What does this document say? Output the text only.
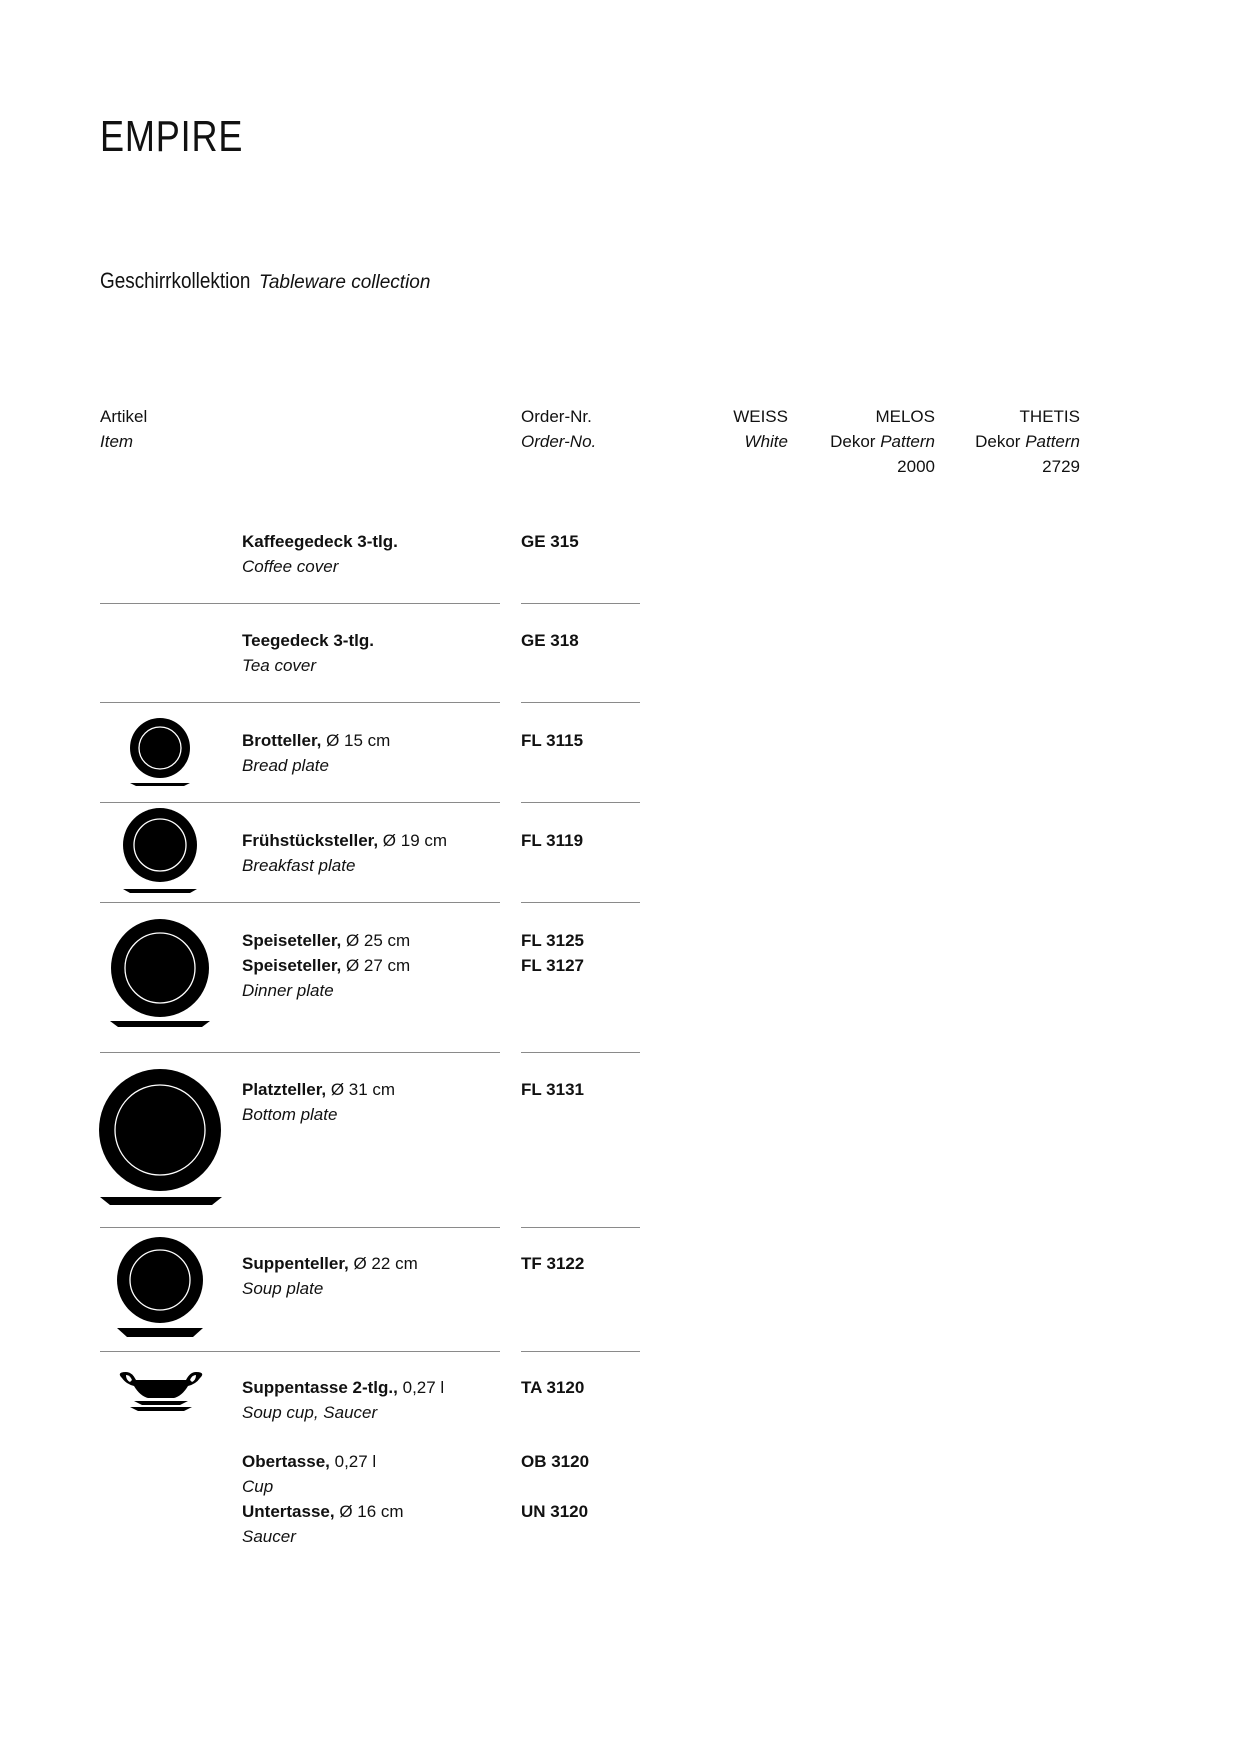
EMPIRE
Geschirrkollektion Tableware collection
Artikel
Item
Order-Nr.
Order-No.
WEISS
White
MELOS
Dekor Pattern
2000
THETIS
Dekor Pattern
2729
Kaffeegedeck 3-tlg.
Coffee cover
GE 315
Teegedeck 3-tlg.
Tea cover
GE 318
Brotteller, Ø 15 cm
Bread plate
FL 3115
Frühstücksteller, Ø 19 cm
Breakfast plate
FL 3119
Speiseteller, Ø 25 cm
Speiseteller, Ø 27 cm
Dinner plate
FL 3125
FL 3127
Platzteller, Ø 31 cm
Bottom plate
FL 3131
Suppenteller, Ø 22 cm
Soup plate
TF 3122
Suppentasse 2-tlg., 0,27 l
Soup cup, Saucer
TA 3120
Obertasse, 0,27 l
Cup
Untertasse, Ø 16 cm
Saucer
OB 3120
UN 3120
